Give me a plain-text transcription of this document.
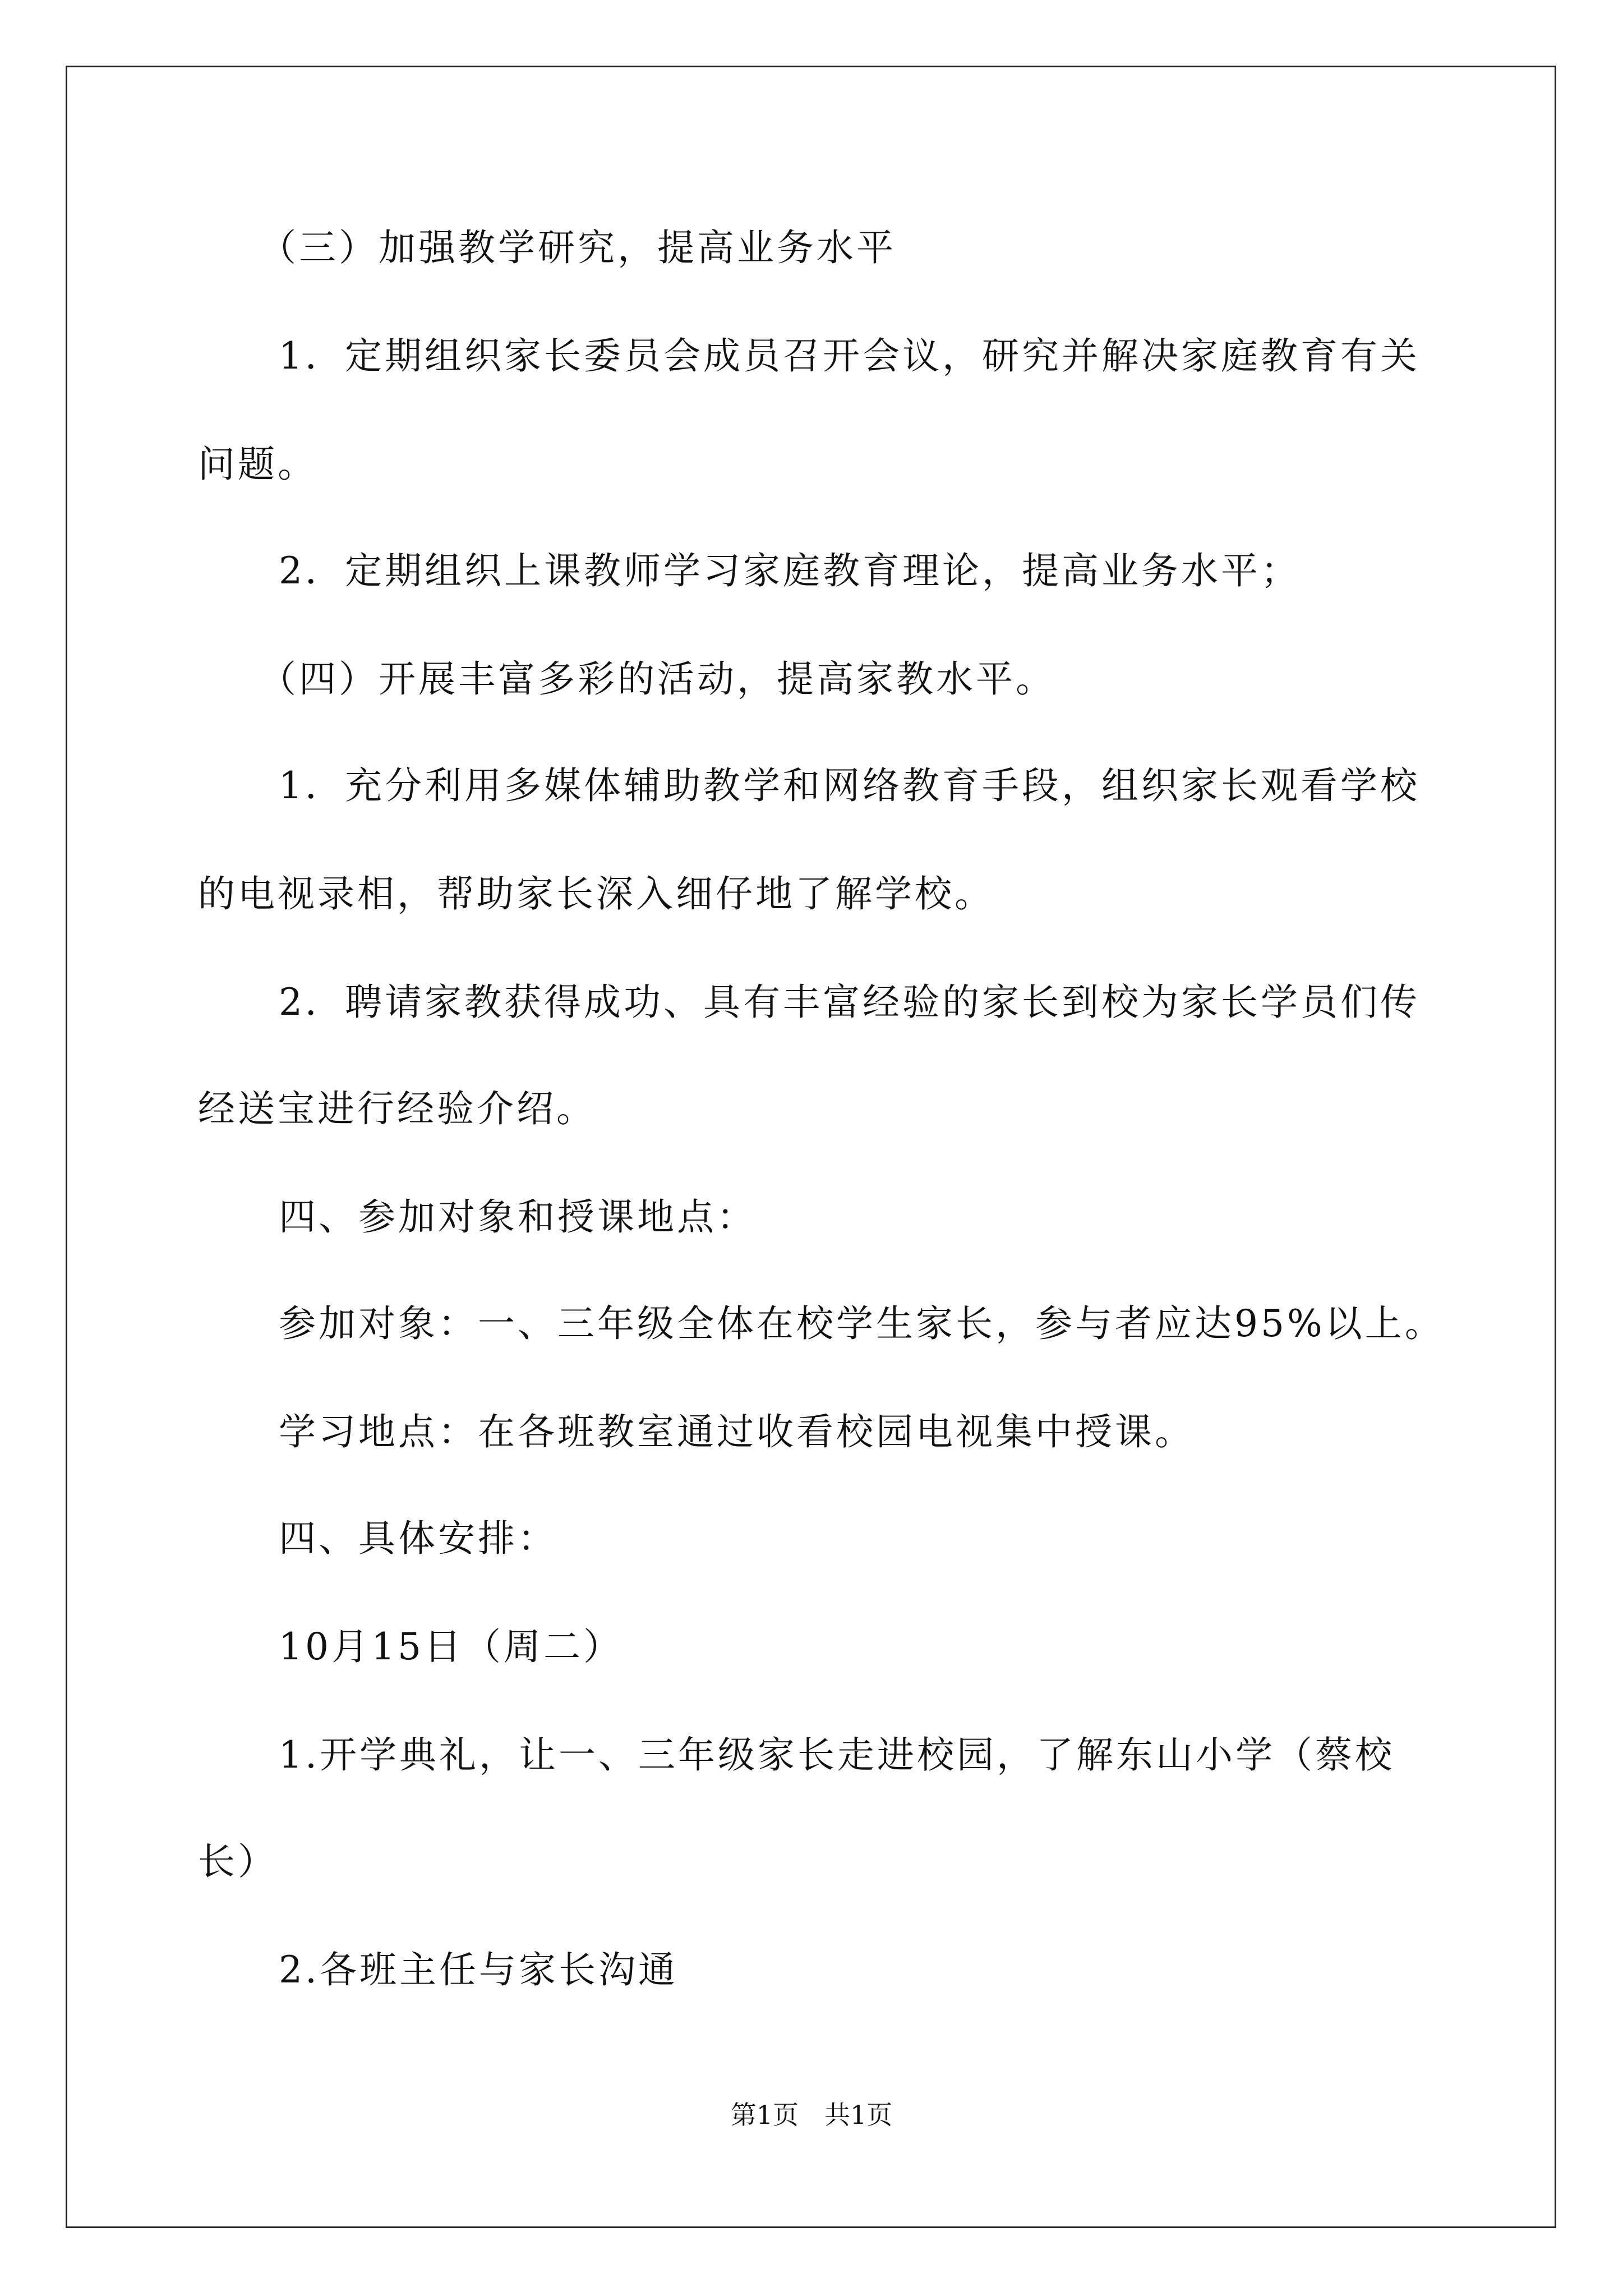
（三）加强教学研究，提高业务水平

1．定期组织家长委员会成员召开会议，研究并解决家庭教育有关

问题。

2．定期组织上课教师学习家庭教育理论，提高业务水平；

（四）开展丰富多彩的活动，提高家教水平。

1．充分利用多媒体辅助教学和网络教育手段，组织家长观看学校

的电视录相，帮助家长深入细仔地了解学校。

2．聘请家教获得成功、具有丰富经验的家长到校为家长学员们传

经送宝进行经验介绍。

四、参加对象和授课地点：

参加对象：一、三年级全体在校学生家长，参与者应达95%以上。

学习地点：在各班教室通过收看校园电视集中授课。

四、具体安排：

10月15日（周二）

1.开学典礼，让一、三年级家长走进校园，了解东山小学（蔡校

长）

2.各班主任与家长沟通

第1页　共1页
